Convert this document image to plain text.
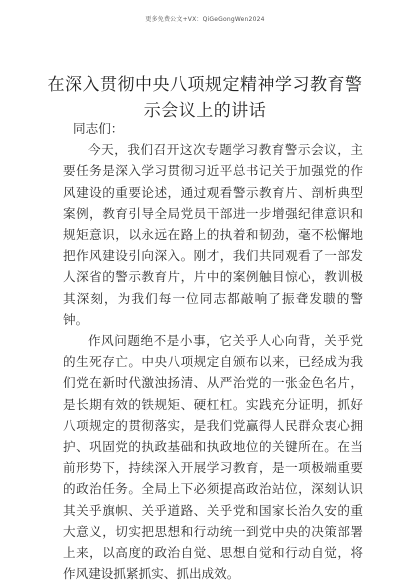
更多免费公文+VX：QiGeGongWen2024
在深入贯彻中央八项规定精神学习教育警示会议上的讲话

同志们：

今天，我们召开这次专题学习教育警示会议，主要任务是深入学习贯彻习近平总书记关于加强党的作风建设的重要论述，通过观看警示教育片、剖析典型案例，教育引导全局党员干部进一步增强纪律意识和规矩意识，以永远在路上的执着和韧劲，毫不松懈地把作风建设引向深入。刚才，我们共同观看了一部发人深省的警示教育片，片中的案例触目惊心，教训极其深刻，为我们每一位同志都敲响了振聋发聩的警钟。

作风问题绝不是小事，它关乎人心向背，关乎党的生死存亡。中央八项规定自颁布以来，已经成为我们党在新时代激浊扬清、从严治党的一张金色名片，是长期有效的铁规矩、硬杠杠。实践充分证明，抓好八项规定的贯彻落实，是我们党赢得人民群众衷心拥护、巩固党的执政基础和执政地位的关键所在。在当前形势下，持续深入开展学习教育，是一项极端重要的政治任务。全局上下必须提高政治站位，深刻认识其关乎旗帜、关乎道路、关乎党和国家长治久安的重大意义，切实把思想和行动统一到党中央的决策部署上来，以高度的政治自觉、思想自觉和行动自觉，将作风建设抓紧抓实、抓出成效。
